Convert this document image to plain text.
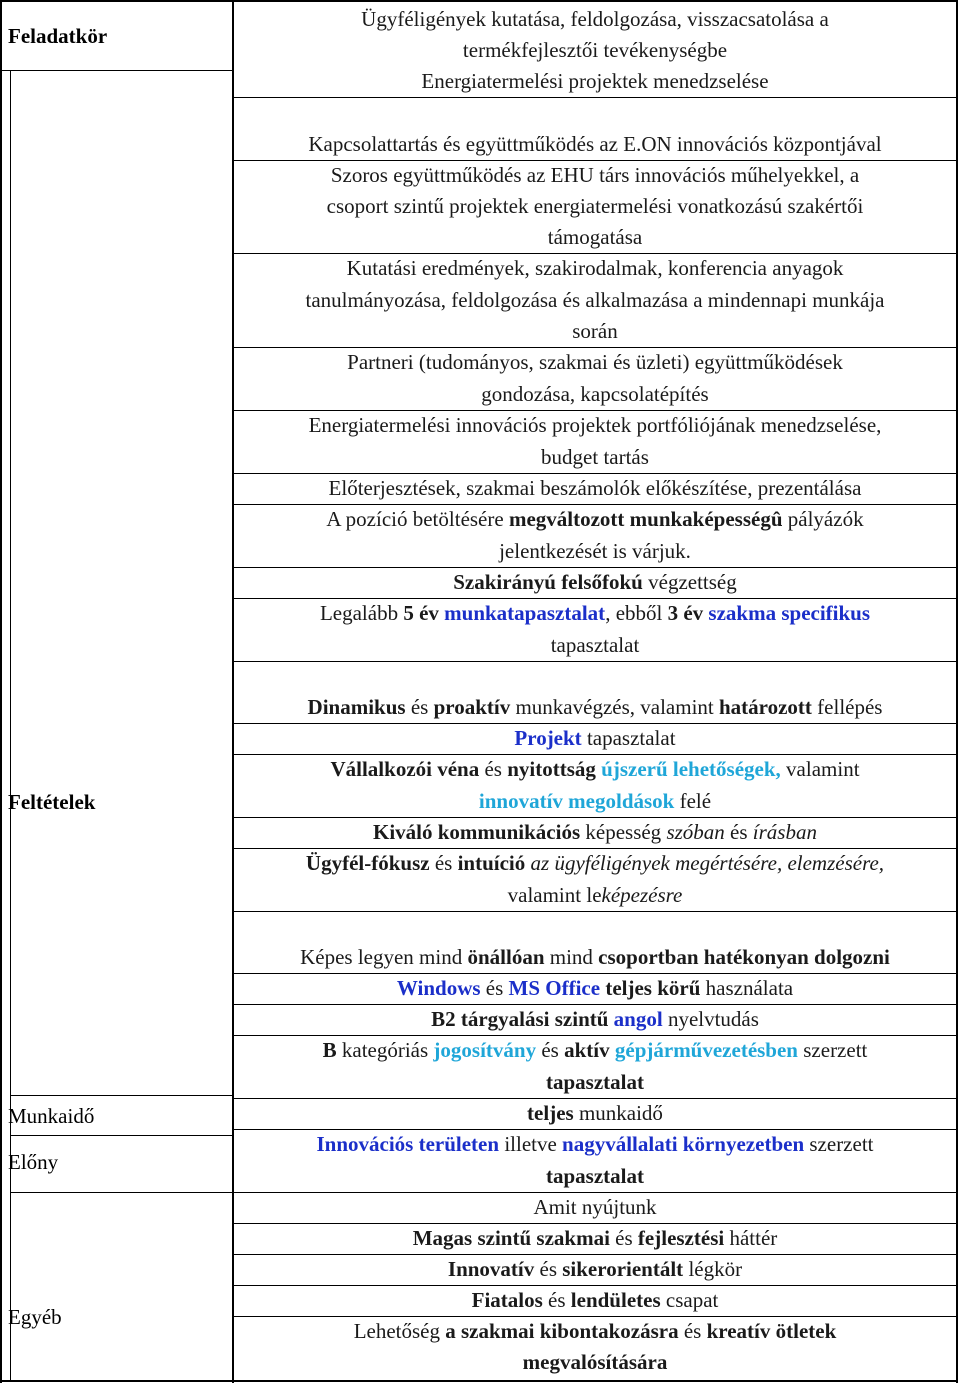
Feladatkör
Feltételek
Munkaidő
Előny
Egyéb
Ügyféligények kutatása, feldolgozása, visszacsatolása a
termékfejlesztői tevékenységbe
Energiatermelési projektek menedzselése
Kapcsolattartás és együttműködés az E.ON innovációs központjával
Szoros együttműködés az EHU társ innovációs műhelyekkel, a
csoport szintű projektek energiatermelési vonatkozású szakértői
támogatása
Kutatási eredmények, szakirodalmak, konferencia anyagok
tanulmányozása, feldolgozása és alkalmazása a mindennapi munkája
során
Partneri (tudományos, szakmai és üzleti) együttműködések
gondozása, kapcsolatépítés
Energiatermelési innovációs projektek portfóliójának menedzselése,
budget tartás
Előterjesztések, szakmai beszámolók előkészítése, prezentálása
A pozíció betöltésére megváltozott munkaképességû pályázók
jelentkezését is várjuk.
Szakirányú felsőfokú végzettség
Legalább 5 év munkatapasztalat, ebből 3 év szakma specifikus
tapasztalat
Dinamikus és proaktív munkavégzés, valamint határozott fellépés
Projekt tapasztalat
Vállalkozói véna és nyitottság újszerű lehetőségek, valamint
innovatív megoldások felé
Kiváló kommunikációs képesség szóban és írásban
Ügyfél-fókusz és intuíció az ügyféligények megértésére, elemzésére,
valamint leképezésre
Képes legyen mind önállóan mind csoportban hatékonyan dolgozni
Windows és MS Office teljes körű használata
B2 tárgyalási szintű angol nyelvtudás
B kategóriás jogosítvány és aktív gépjárművezetésben szerzett
tapasztalat
teljes munkaidő
Innovációs területen illetve nagyvállalati környezetben szerzett
tapasztalat
Amit nyújtunk
Magas szintű szakmai és fejlesztési háttér
Innovatív és sikerorientált légkör
Fiatalos és lendületes csapat
Lehetőség a szakmai kibontakozásra és kreatív ötletek
megvalósítására
